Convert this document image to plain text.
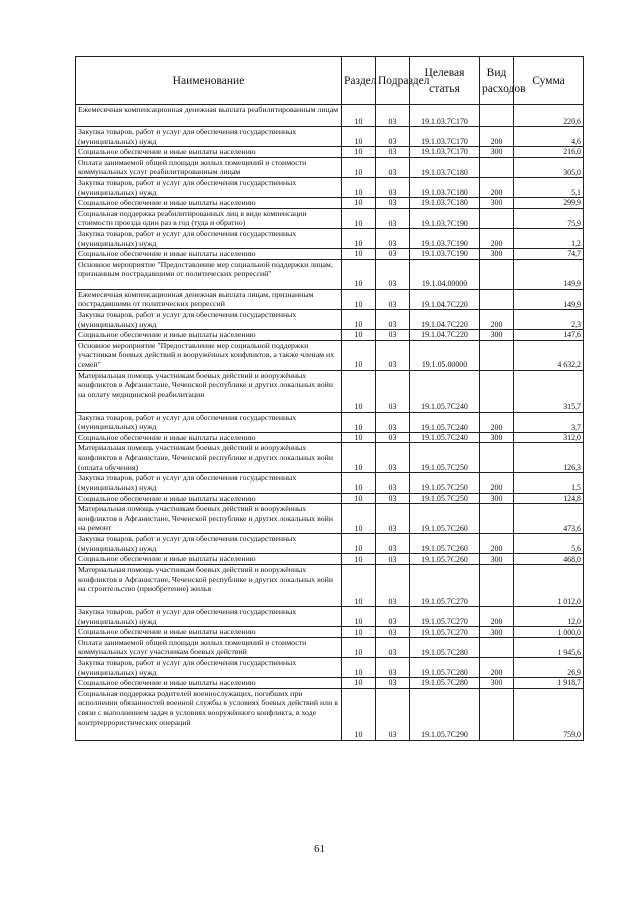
Наименование	Раздел	Подраздел	Целевая статья	Вид расходов	Сумма
Ежемесячная компенсационная денежная выплата реабилитированным лицам	10	03	19.1.03.7С170		220,6
Закупка товаров, работ и услуг для обеспечения государственных (муниципальных) нужд	10	03	19.1.03.7С170	200	4,6
Социальное обеспечение и иные выплаты населению	10	03	19.1.03.7С170	300	216,0
Оплата занимаемой общей площади жилых помещений и стоимости коммунальных услуг реабилитированным лицам	10	03	19.1.03.7С180		305,0
Закупка товаров, работ и услуг для обеспечения государственных (муниципальных) нужд	10	03	19.1.03.7С180	200	5,1
Социальное обеспечение и иные выплаты населению	10	03	19.1.03.7С180	300	299,9
Социальная поддержка реабилитированных лиц в виде компенсации стоимости проезда один раз в год (туда и обратно)	10	03	19.1.03.7С190		75,9
Закупка товаров, работ и услуг для обеспечения государственных (муниципальных) нужд	10	03	19.1.03.7С190	200	1,2
Социальное обеспечение и иные выплаты населению	10	03	19.1.03.7С190	300	74,7
Основное мероприятие "Предоставление мер социальной поддержки лицам, признанным пострадавшими от политических репрессий"	10	03	19.1.04.00000		149,9
Ежемесячная компенсационная денежная выплата лицам, признанным пострадавшими от политических репрессий	10	03	19.1.04.7С220		149,9
Закупка товаров, работ и услуг для обеспечения государственных (муниципальных) нужд	10	03	19.1.04.7С220	200	2,3
Социальное обеспечение и иные выплаты населению	10	03	19.1.04.7С220	300	147,6
Основное мероприятие "Предоставление мер социальной поддержки участникам боевых действий и вооружённых конфликтов, а также членам их семей"	10	03	19.1.05.00000		4 632,2
Материальная помощь участникам боевых действий и вооружённых конфликтов в Афганистане, Чеченской республике и других локальных войн на оплату медицинской реабилитации	10	03	19.1.05.7С240		315,7
Закупка товаров, работ и услуг для обеспечения государственных (муниципальных) нужд	10	03	19.1.05.7С240	200	3,7
Социальное обеспечение и иные выплаты населению	10	03	19.1.05.7С240	300	312,0
Материальная помощь участникам боевых действий и вооружённых конфликтов в Афганистане, Чеченской республике и других локальных войн (оплата обучения)	10	03	19.1.05.7С250		126,3
Закупка товаров, работ и услуг для обеспечения государственных (муниципальных) нужд	10	03	19.1.05.7С250	200	1,5
Социальное обеспечение и иные выплаты населению	10	03	19.1.05.7С250	300	124,8
Материальная помощь участникам боевых действий и вооружённых конфликтов в Афганистане, Чеченской республике и других локальных войн на ремонт	10	03	19.1.05.7С260		473,6
Закупка товаров, работ и услуг для обеспечения государственных (муниципальных) нужд	10	03	19.1.05.7С260	200	5,6
Социальное обеспечение и иные выплаты населению	10	03	19.1.05.7С260	300	468,0
Материальная помощь участникам боевых действий и вооружённых конфликтов в Афганистане, Чеченской республике и других локальных войн на строительство (приобретение) жилья	10	03	19.1.05.7С270		1 012,0
Закупка товаров, работ и услуг для обеспечения государственных (муниципальных) нужд	10	03	19.1.05.7С270	200	12,0
Социальное обеспечение и иные выплаты населению	10	03	19.1.05.7С270	300	1 000,0
Оплата занимаемой общей площади жилых помещений и стоимости коммунальных услуг участникам боевых действий	10	03	19.1.05.7С280		1 945,6
Закупка товаров, работ и услуг для обеспечения государственных (муниципальных) нужд	10	03	19.1.05.7С280	200	26,9
Социальное обеспечение и иные выплаты населению	10	03	19.1.05.7С280	300	1 918,7
Социальная поддержка родителей военнослужащих, погибших при исполнении обязанностей военной службы в условиях боевых действий или в связи с выполнением задач в условиях вооружённого конфликта, в ходе контртеррористических операций	10	03	19.1.05.7С290		759,0
61
